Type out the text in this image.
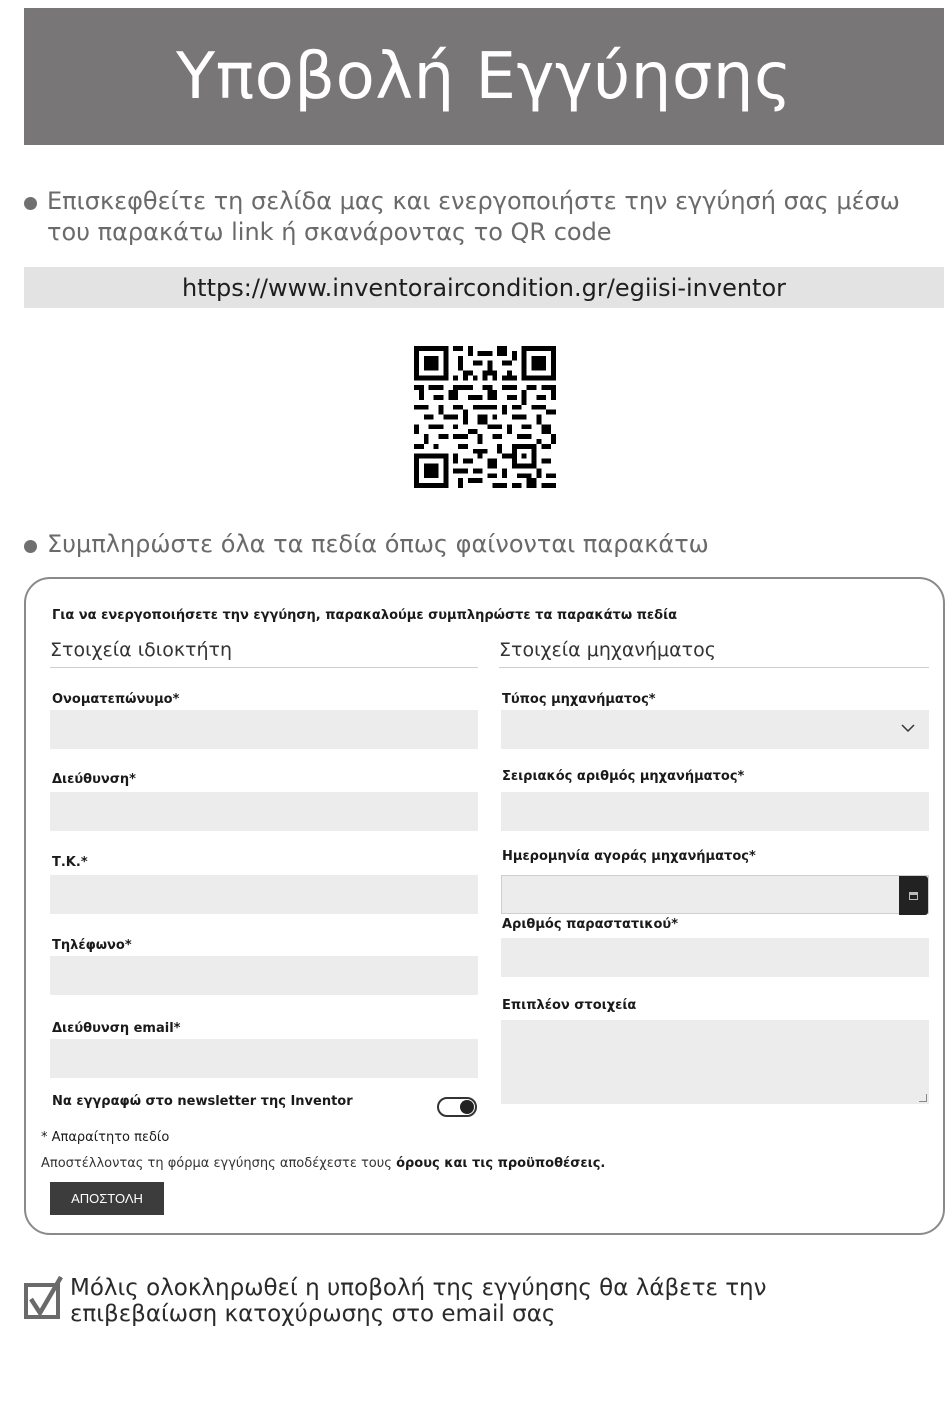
Υποβολή Εγγύησης
Επισκεφθείτε τη σελίδα μας και ενεργοποιήστε την εγγύησή σας μέσω του παρακάτω link ή σκανάροντας το QR code
https://www.inventoraircondition.gr/egiisi-inventor
Συμπληρώστε όλα τα πεδία όπως φαίνονται παρακάτω
Για να ενεργοποιήσετε την εγγύηση, παρακαλούμε συμπληρώστε τα παρακάτω πεδία
Στοιχεία ιδιοκτήτη	Στοιχεία μηχανήματος
Ονοματεπώνυμο*
Διεύθυνση*
Τ.Κ.*
Τηλέφωνο*
Διεύθυνση email*
Να εγγραφώ στο newsletter της Inventor
Τύπος μηχανήματος*
Σειριακός αριθμός μηχανήματος*
Ημερομηνία αγοράς μηχανήματος*
Αριθμός παραστατικού*
Επιπλέον στοιχεία
* Απαραίτητο πεδίο
Αποστέλλοντας τη φόρμα εγγύησης αποδέχεστε τους όρους και τις προϋποθέσεις.
ΑΠΟΣΤΟΛΗ
Μόλις ολοκληρωθεί η υποβολή της εγγύησης θα λάβετε την επιβεβαίωση κατοχύρωσης στο email σας
